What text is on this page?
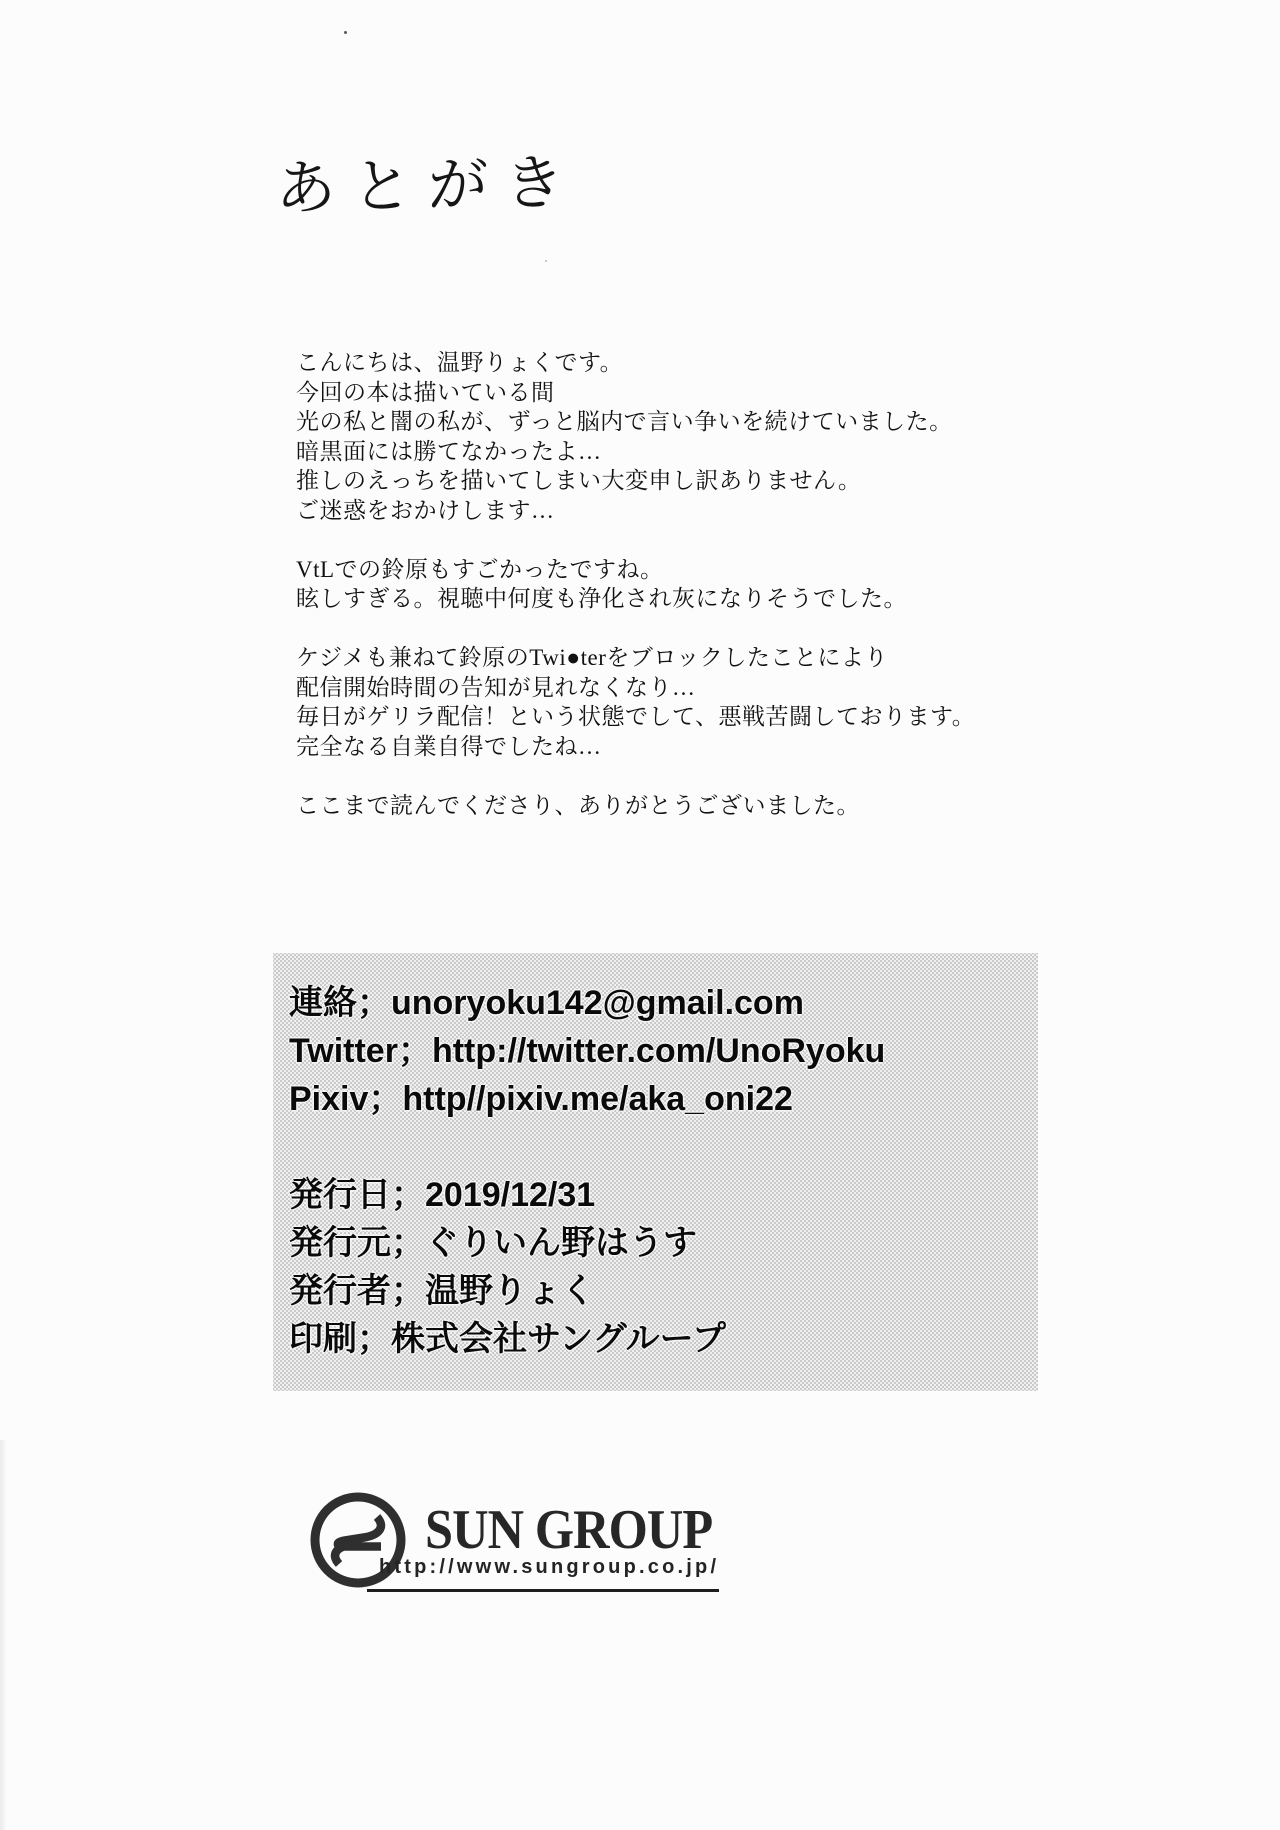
あとがき
こんにちは、温野りょくです。
今回の本は描いている間
光の私と闇の私が、ずっと脳内で言い争いを続けていました。
暗黒面には勝てなかったよ…
推しのえっちを描いてしまい大変申し訳ありません。
ご迷惑をおかけします…
VtLでの鈴原もすごかったですね。
眩しすぎる。視聴中何度も浄化され灰になりそうでした。
ケジメも兼ねて鈴原のTwi●terをブロックしたことにより
配信開始時間の告知が見れなくなり…
毎日がゲリラ配信！という状態でして、悪戦苦闘しております。
完全なる自業自得でしたね…
ここまで読んでくださり、ありがとうございました。
連絡；unoryoku142@gmail.com
Twitter；http://twitter.com/UnoRyoku
Pixiv；http//pixiv.me/aka_oni22
発行日；2019/12/31
発行元；ぐりいん野はうす
発行者；温野りょく
印刷；株式会社サングループ
SUN GROUP
http://www.sungroup.co.jp/
